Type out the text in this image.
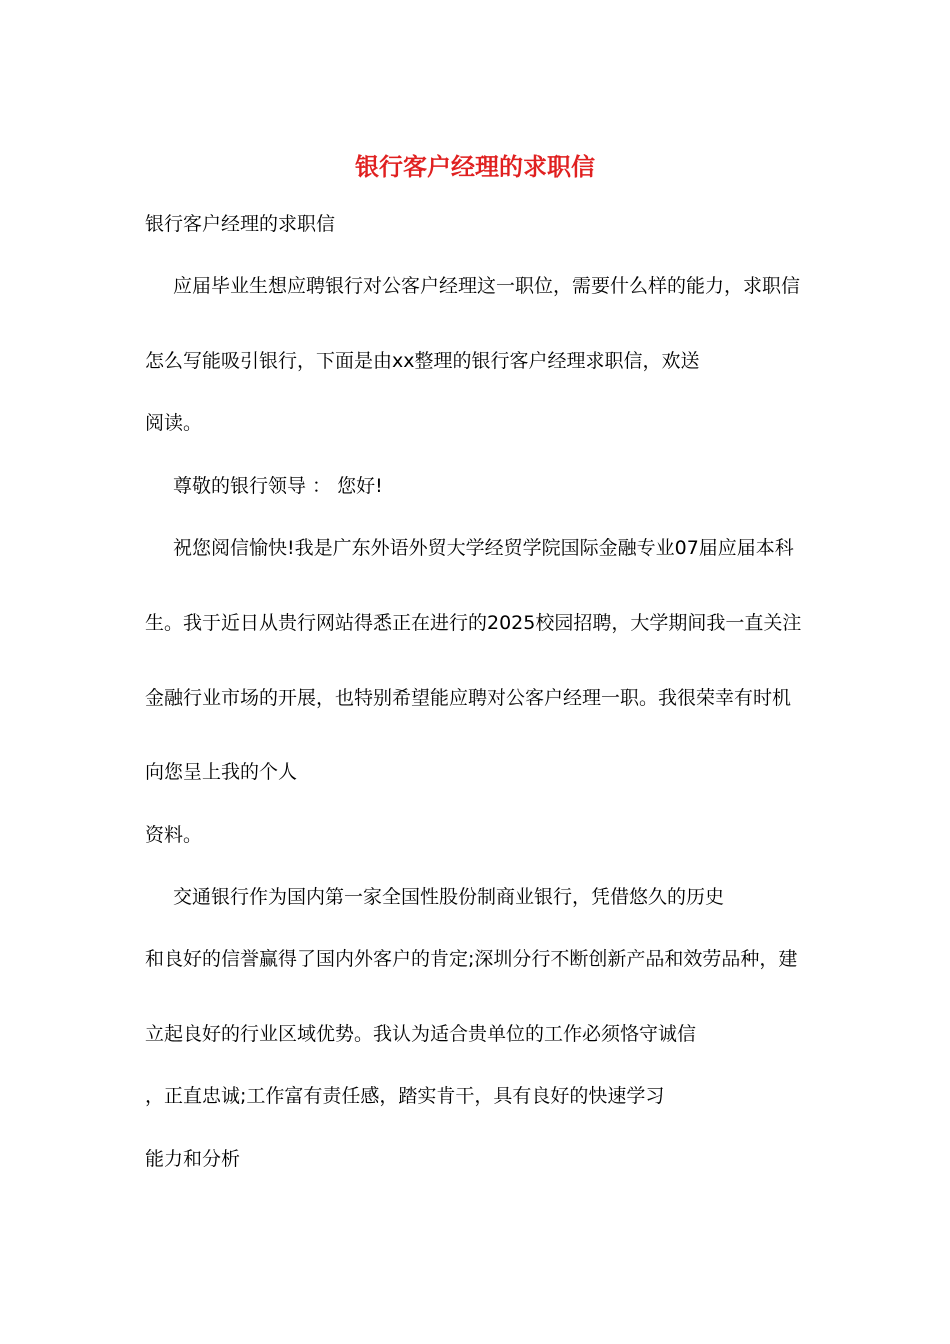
银行客户经理的求职信
银行客户经理的求职信
应届毕业生想应聘银行对公客户经理这一职位，需要什么样的能力，求职信
怎么写能吸引银行，下面是由xx整理的银行客户经理求职信，欢送
阅读。
尊敬的银行领导 ： 您好!
祝您阅信愉快!我是广东外语外贸大学经贸学院国际金融专业07届应届本科
生。我于近日从贵行网站得悉正在进行的2025校园招聘，大学期间我一直关注
金融行业市场的开展，也特别希望能应聘对公客户经理一职。我很荣幸有时机
向您呈上我的个人
资料。
交通银行作为国内第一家全国性股份制商业银行，凭借悠久的历史
和良好的信誉赢得了国内外客户的肯定;深圳分行不断创新产品和效劳品种，建
立起良好的行业区域优势。我认为适合贵单位的工作必须恪守诚信
，正直忠诚;工作富有责任感，踏实肯干，具有良好的快速学习
能力和分析
